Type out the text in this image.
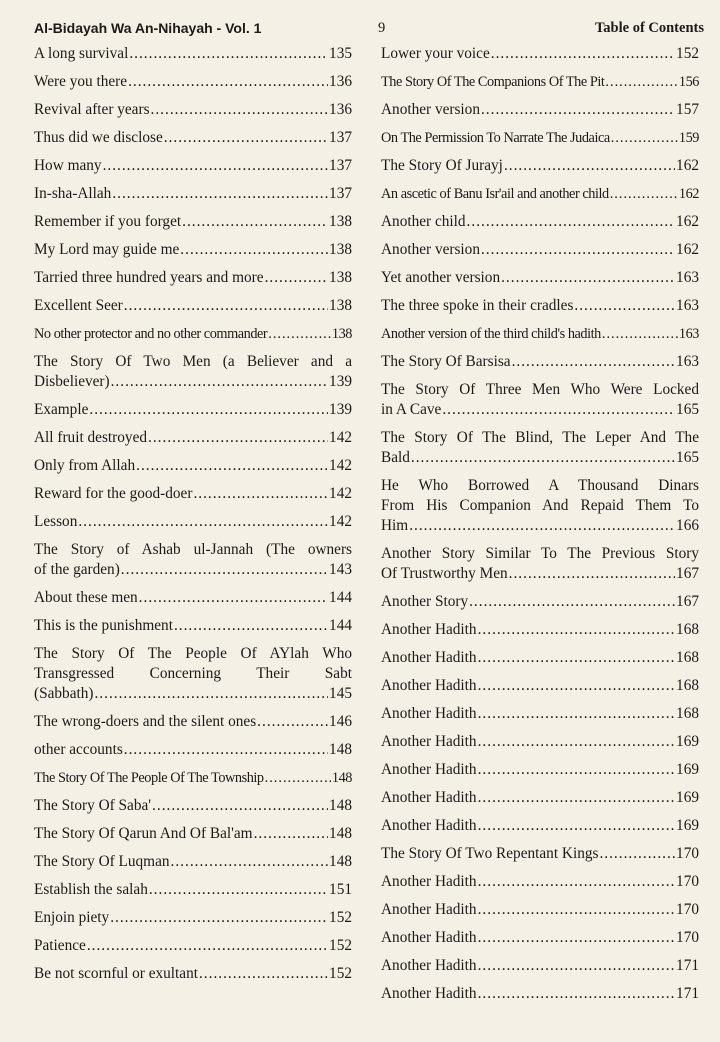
Al-Bidayah Wa An-Nihayah - Vol. 1	9	Table of Contents
A long survival .....	135
Were you there .....	136
Revival after years .....	136
Thus did we disclose .....	137
How many .....	137
In-sha-Allah .....	137
Remember if you forget .....	138
My Lord may guide me .....	138
Tarried three hundred years and more .....	138
Excellent Seer .....	138
No other protector and no other commander .....	138
The Story Of Two Men (a Believer and a
Disbeliever) .....	139
Example .....	139
All fruit destroyed .....	142
Only from Allah .....	142
Reward for the good-doer .....	142
Lesson .....	142
The Story of Ashab ul-Jannah (The owners
of the garden) .....	143
About these men .....	144
This is the punishment .....	144
The Story Of The People Of AYlah Who
Transgressed Concerning Their Sabt
(Sabbath) .....	145
The wrong-doers and the silent ones .....	146
other accounts .....	148
The Story Of The People Of The Township .....	148
The Story Of Saba' .....	148
The Story Of Qarun And Of Bal'am .....	148
The Story Of Luqman .....	148
Establish the salah .....	151
Enjoin piety .....	152
Patience .....	152
Be not scornful or exultant .....	152
Lower your voice .....	152
The Story Of The Companions Of The Pit .....	156
Another version .....	157
On The Permission To Narrate The Judaica .....	159
The Story Of Jurayj .....	162
An ascetic of Banu Isr'ail and another child .....	162
Another child .....	162
Another version .....	162
Yet another version .....	163
The three spoke in their cradles .....	163
Another version of the third child's hadith .....	163
The Story Of Barsisa .....	163
The Story Of Three Men Who Were Locked
in A Cave .....	165
The Story Of The Blind, The Leper And The
Bald .....	165
He Who Borrowed A Thousand Dinars
From His Companion And Repaid Them To
Him .....	166
Another Story Similar To The Previous Story
Of Trustworthy Men .....	167
Another Story .....	167
Another Hadith .....	168
Another Hadith .....	168
Another Hadith .....	168
Another Hadith .....	168
Another Hadith .....	169
Another Hadith .....	169
Another Hadith .....	169
Another Hadith .....	169
The Story Of Two Repentant Kings .....	170
Another Hadith .....	170
Another Hadith .....	170
Another Hadith .....	170
Another Hadith .....	171
Another Hadith .....	171
